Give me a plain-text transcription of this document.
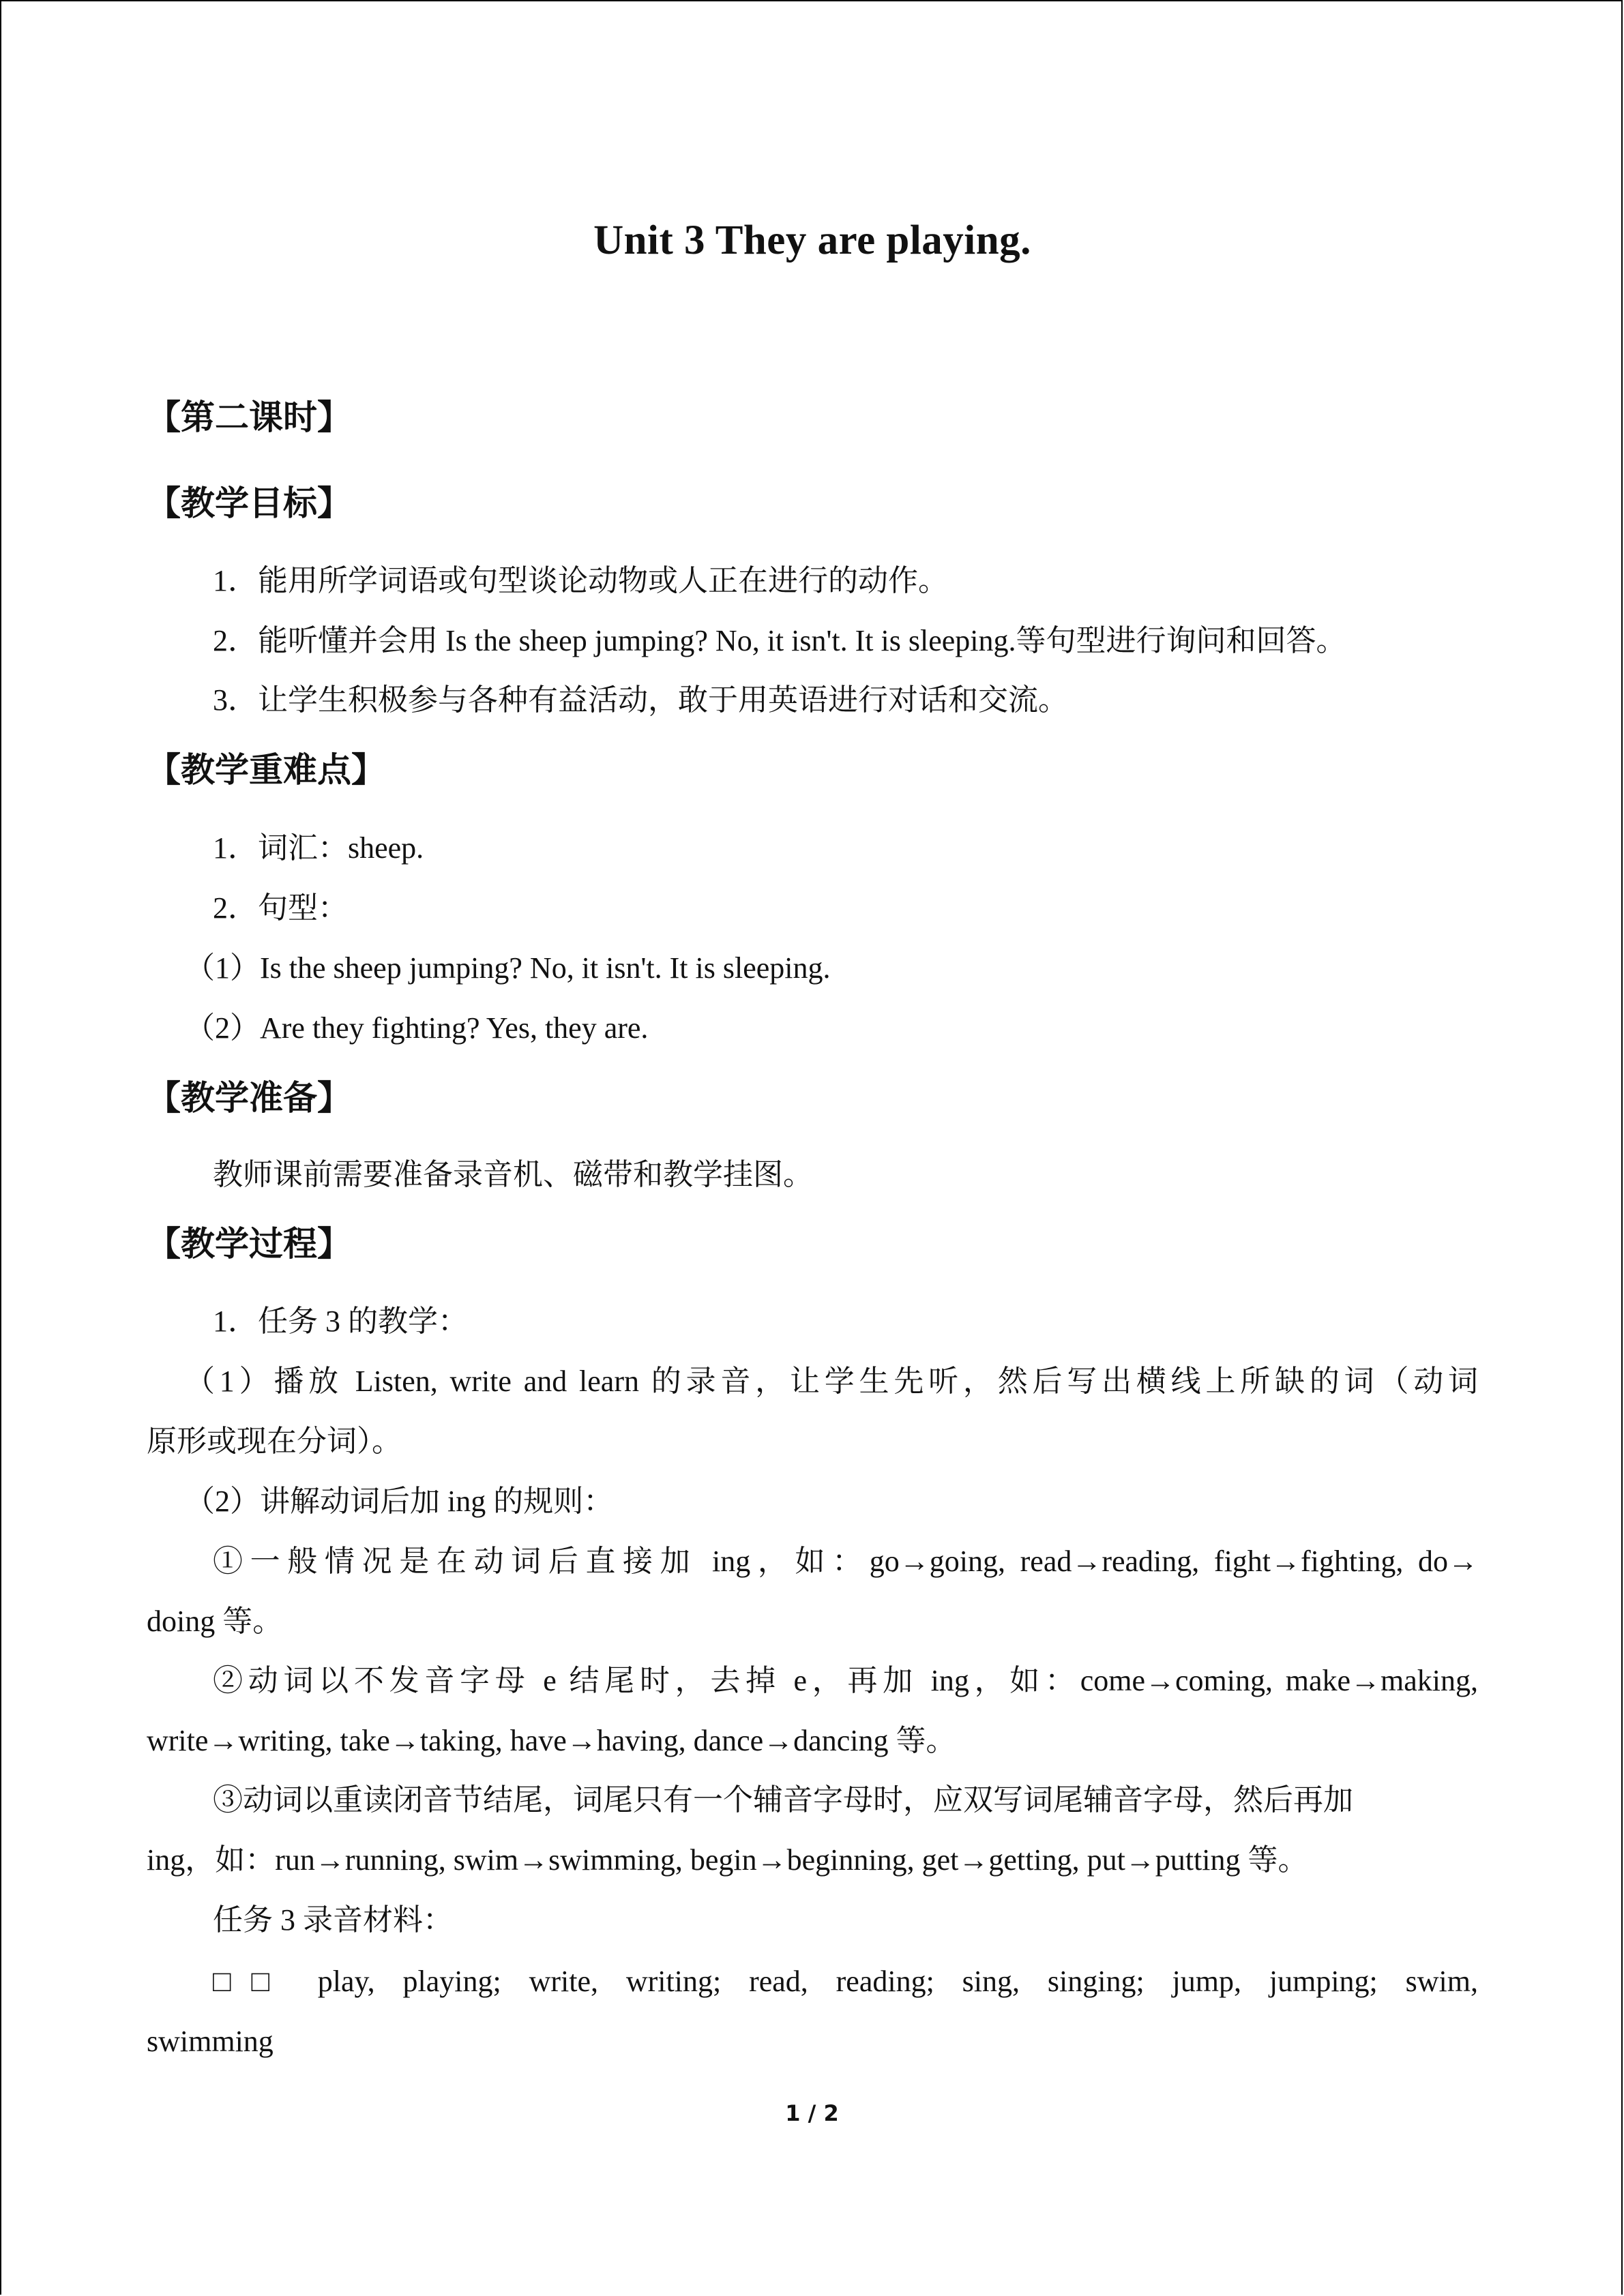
Unit 3 They are playing.
【第二课时】
【教学目标】
1．能用所学词语或句型谈论动物或人正在进行的动作。
2．能听懂并会用 Is the sheep jumping? No, it isn't. It is sleeping.等句型进行询问和回答。
3．让学生积极参与各种有益活动，敢于用英语进行对话和交流。
【教学重难点】
1．词汇：sheep.
2．句型：
（1）Is the sheep jumping? No, it isn't. It is sleeping.
（2）Are they fighting? Yes, they are.
【教学准备】
教师课前需要准备录音机、磁带和教学挂图。
【教学过程】
1．任务 3 的教学：
（1）播放 Listen, write and learn 的录音，让学生先听，然后写出横线上所缺的词（动词
原形或现在分词）。
（2）讲解动词后加 ing 的规则：
①一般情况是在动词后直接加 ing，如：go→going, read→reading, fight→fighting, do→
doing 等。
②动词以不发音字母 e 结尾时，去掉 e，再加 ing，如：come→coming, make→making,
write→writing, take→taking, have→having, dance→dancing 等。
③动词以重读闭音节结尾，词尾只有一个辅音字母时，应双写词尾辅音字母，然后再加
ing，如：run→running, swim→swimming, begin→beginning, get→getting, put→putting 等。
任务 3 录音材料：
□□ play, playing; write, writing; read, reading; sing, singing; jump, jumping; swim,
swimming
1 / 2
